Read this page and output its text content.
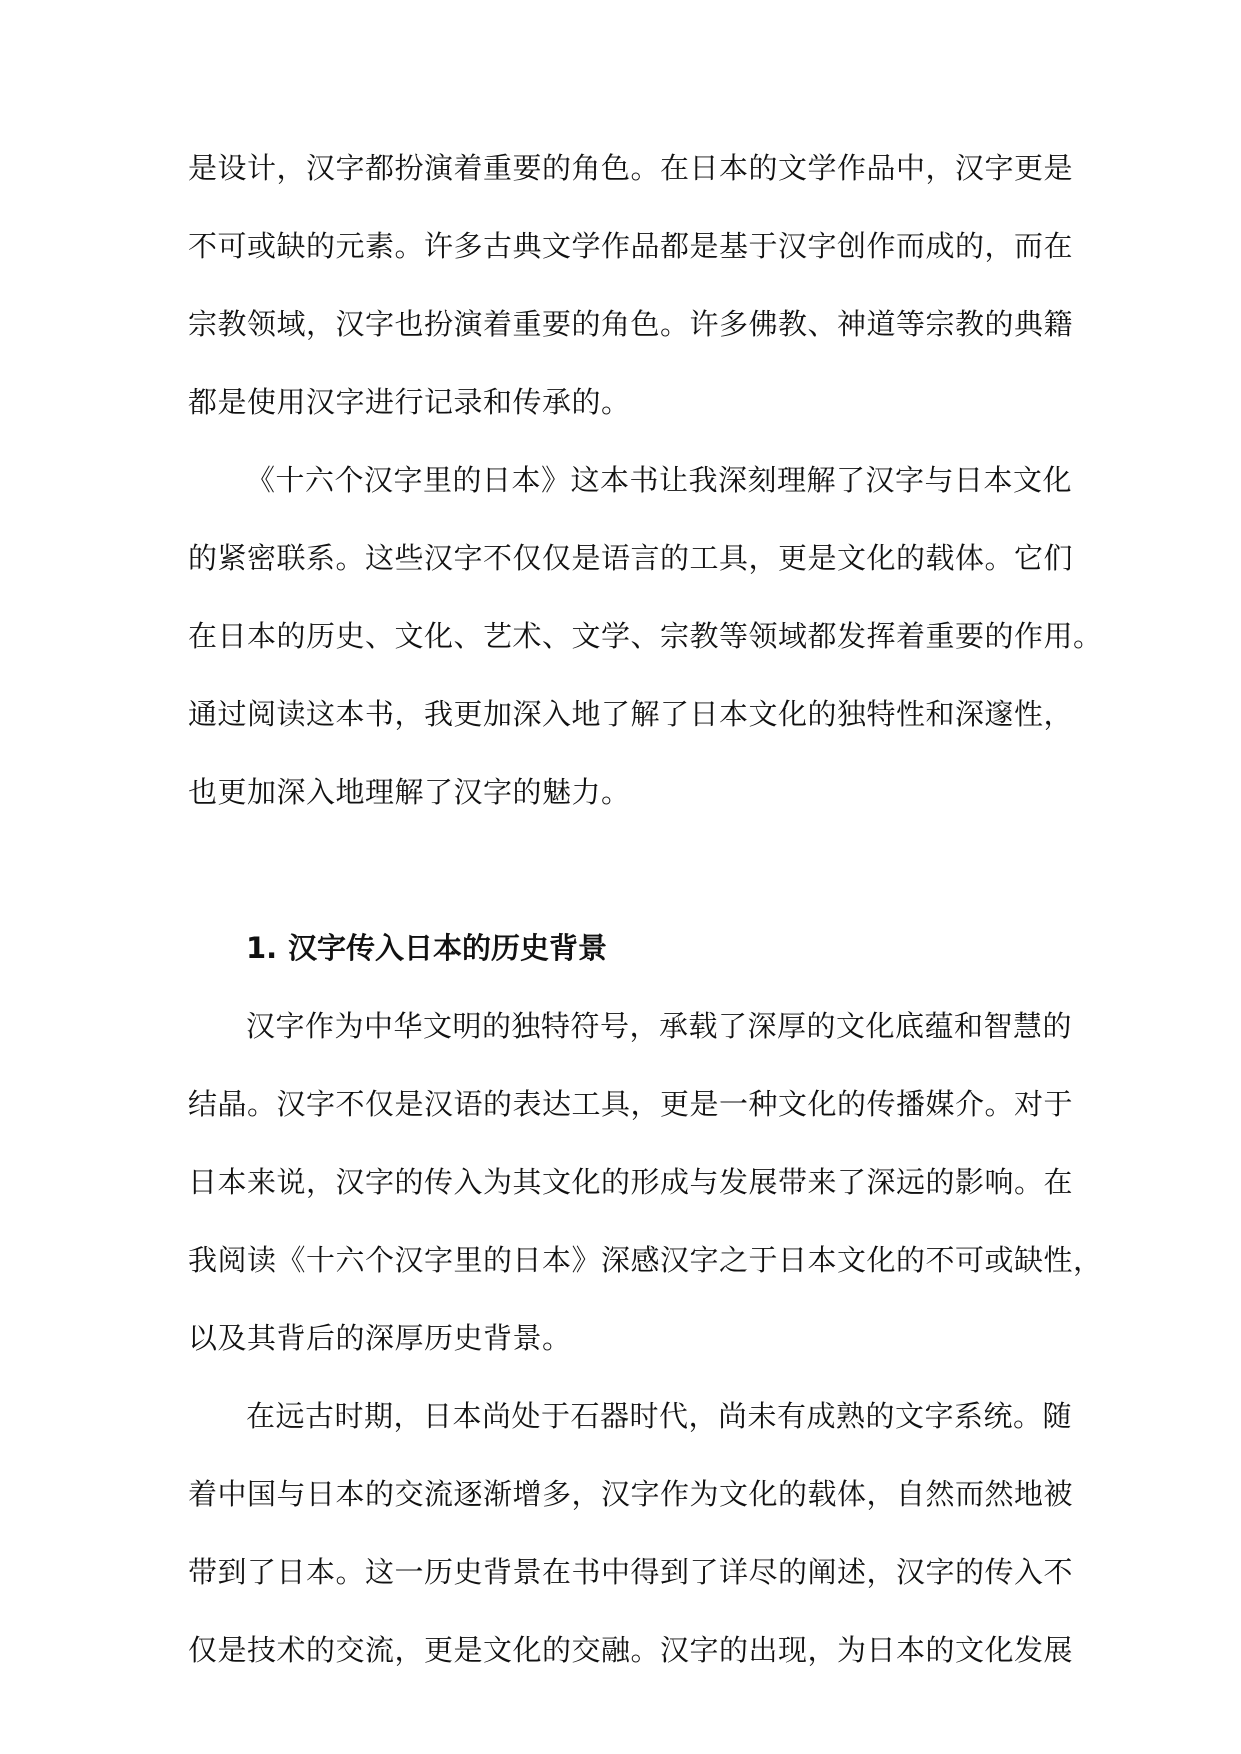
是设计，汉字都扮演着重要的角色。在日本的文学作品中，汉字更是
不可或缺的元素。许多古典文学作品都是基于汉字创作而成的，而在
宗教领域，汉字也扮演着重要的角色。许多佛教、神道等宗教的典籍
都是使用汉字进行记录和传承的。
《十六个汉字里的日本》这本书让我深刻理解了汉字与日本文化
的紧密联系。这些汉字不仅仅是语言的工具，更是文化的载体。它们
在日本的历史、文化、艺术、文学、宗教等领域都发挥着重要的作用。
通过阅读这本书，我更加深入地了解了日本文化的独特性和深邃性，
也更加深入地理解了汉字的魅力。
1. 汉字传入日本的历史背景
汉字作为中华文明的独特符号，承载了深厚的文化底蕴和智慧的
结晶。汉字不仅是汉语的表达工具，更是一种文化的传播媒介。对于
日本来说，汉字的传入为其文化的形成与发展带来了深远的影响。在
我阅读《十六个汉字里的日本》深感汉字之于日本文化的不可或缺性，
以及其背后的深厚历史背景。
在远古时期，日本尚处于石器时代，尚未有成熟的文字系统。随
着中国与日本的交流逐渐增多，汉字作为文化的载体，自然而然地被
带到了日本。这一历史背景在书中得到了详尽的阐述，汉字的传入不
仅是技术的交流，更是文化的交融。汉字的出现，为日本的文化发展
